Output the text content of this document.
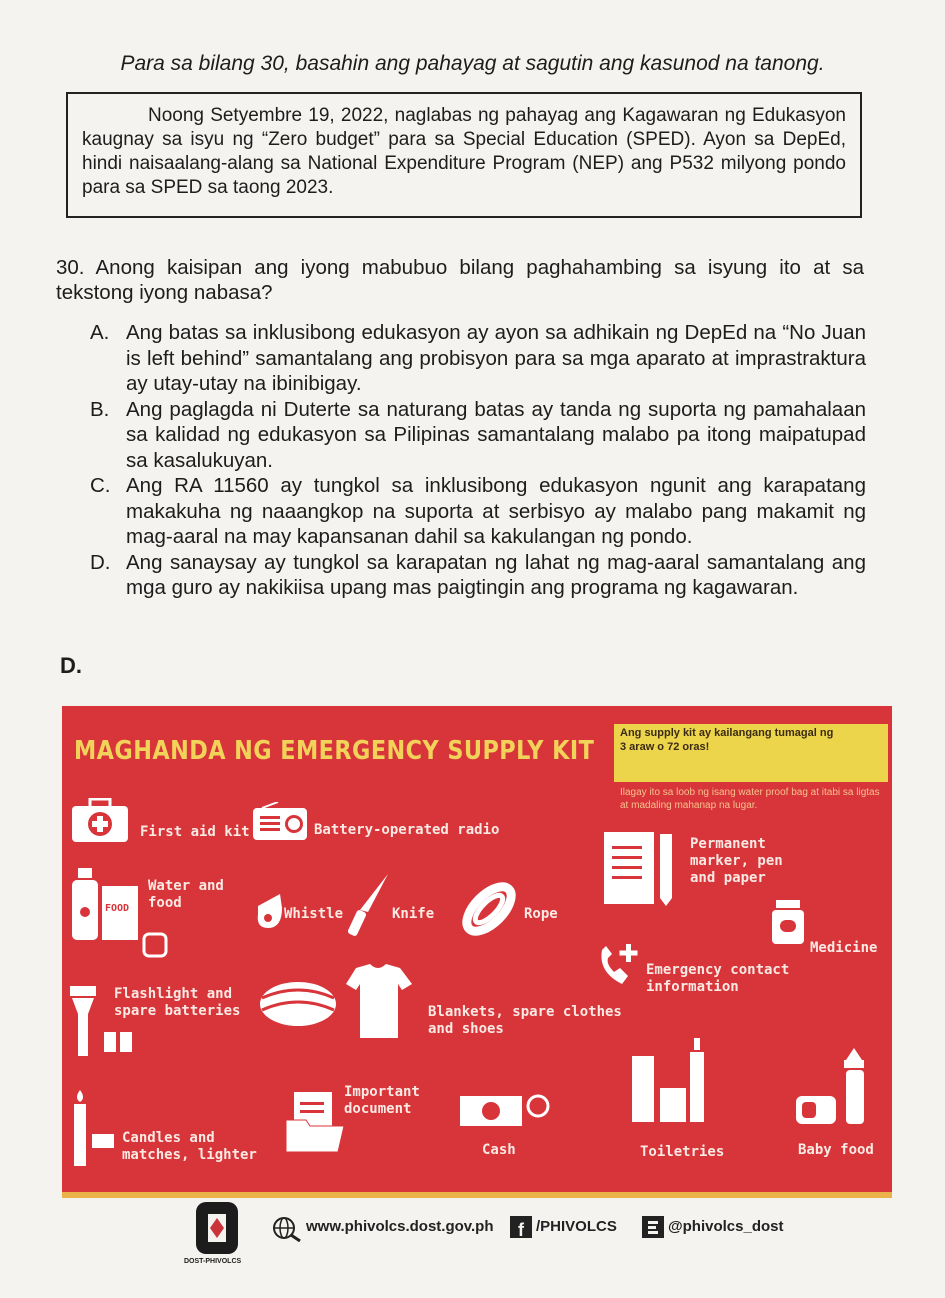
Para sa bilang 30, basahin ang pahayag at sagutin ang kasunod na tanong.
Noong Setyembre 19, 2022, naglabas ng pahayag ang Kagawaran ng Edukasyon kaugnay sa isyu ng “Zero budget” para sa Special Education (SPED). Ayon sa DepEd, hindi naisaalang-alang sa National Expenditure Program (NEP) ang P532 milyong pondo para sa SPED sa taong 2023.
30. Anong kaisipan ang iyong mabubuo bilang paghahambing sa isyung ito at sa tekstong iyong nabasa?
A. Ang batas sa inklusibong edukasyon ay ayon sa adhikain ng DepEd na “No Juan is left behind” samantalang ang probisyon para sa mga aparato at imprastraktura ay utay-utay na ibinibigay.
B. Ang paglagda ni Duterte sa naturang batas ay tanda ng suporta ng pamahalaan sa kalidad ng edukasyon sa Pilipinas samantalang malabo pa itong maipatupad sa kasalukuyan.
C. Ang RA 11560 ay tungkol sa inklusibong edukasyon ngunit ang karapatang makakuha ng naaangkop na suporta at serbisyo ay malabo pang makamit ng mag-aaral na may kapansanan dahil sa kakulangan ng pondo.
D. Ang sanaysay ay tungkol sa karapatan ng lahat ng mag-aaral samantalang ang mga guro ay nakikiisa upang mas paigtingin ang programa ng kagawaran.
D.
MAGHANDA NG EMERGENCY SUPPLY KIT
Ang supply kit ay kailangang tumagal ng
3 araw o 72 oras!
Ilagay ito sa loob ng isang water proof bag at itabi sa ligtas at madaling mahanap na lugar.
First aid kit	Battery-operated radio
FOOD
Water and food
Whistle	Knife	Rope
Permanent marker, pen and paper
Medicine
Emergency contact information
Flashlight and spare batteries	Blankets, spare clothes and shoes
Candles and matches, lighter
Important document
Cash	Toiletries	Baby food
DOST-PHIVOLCS
www.phivolcs.dost.gov.ph f /PHIVOLCS	@phivolcs_dost
